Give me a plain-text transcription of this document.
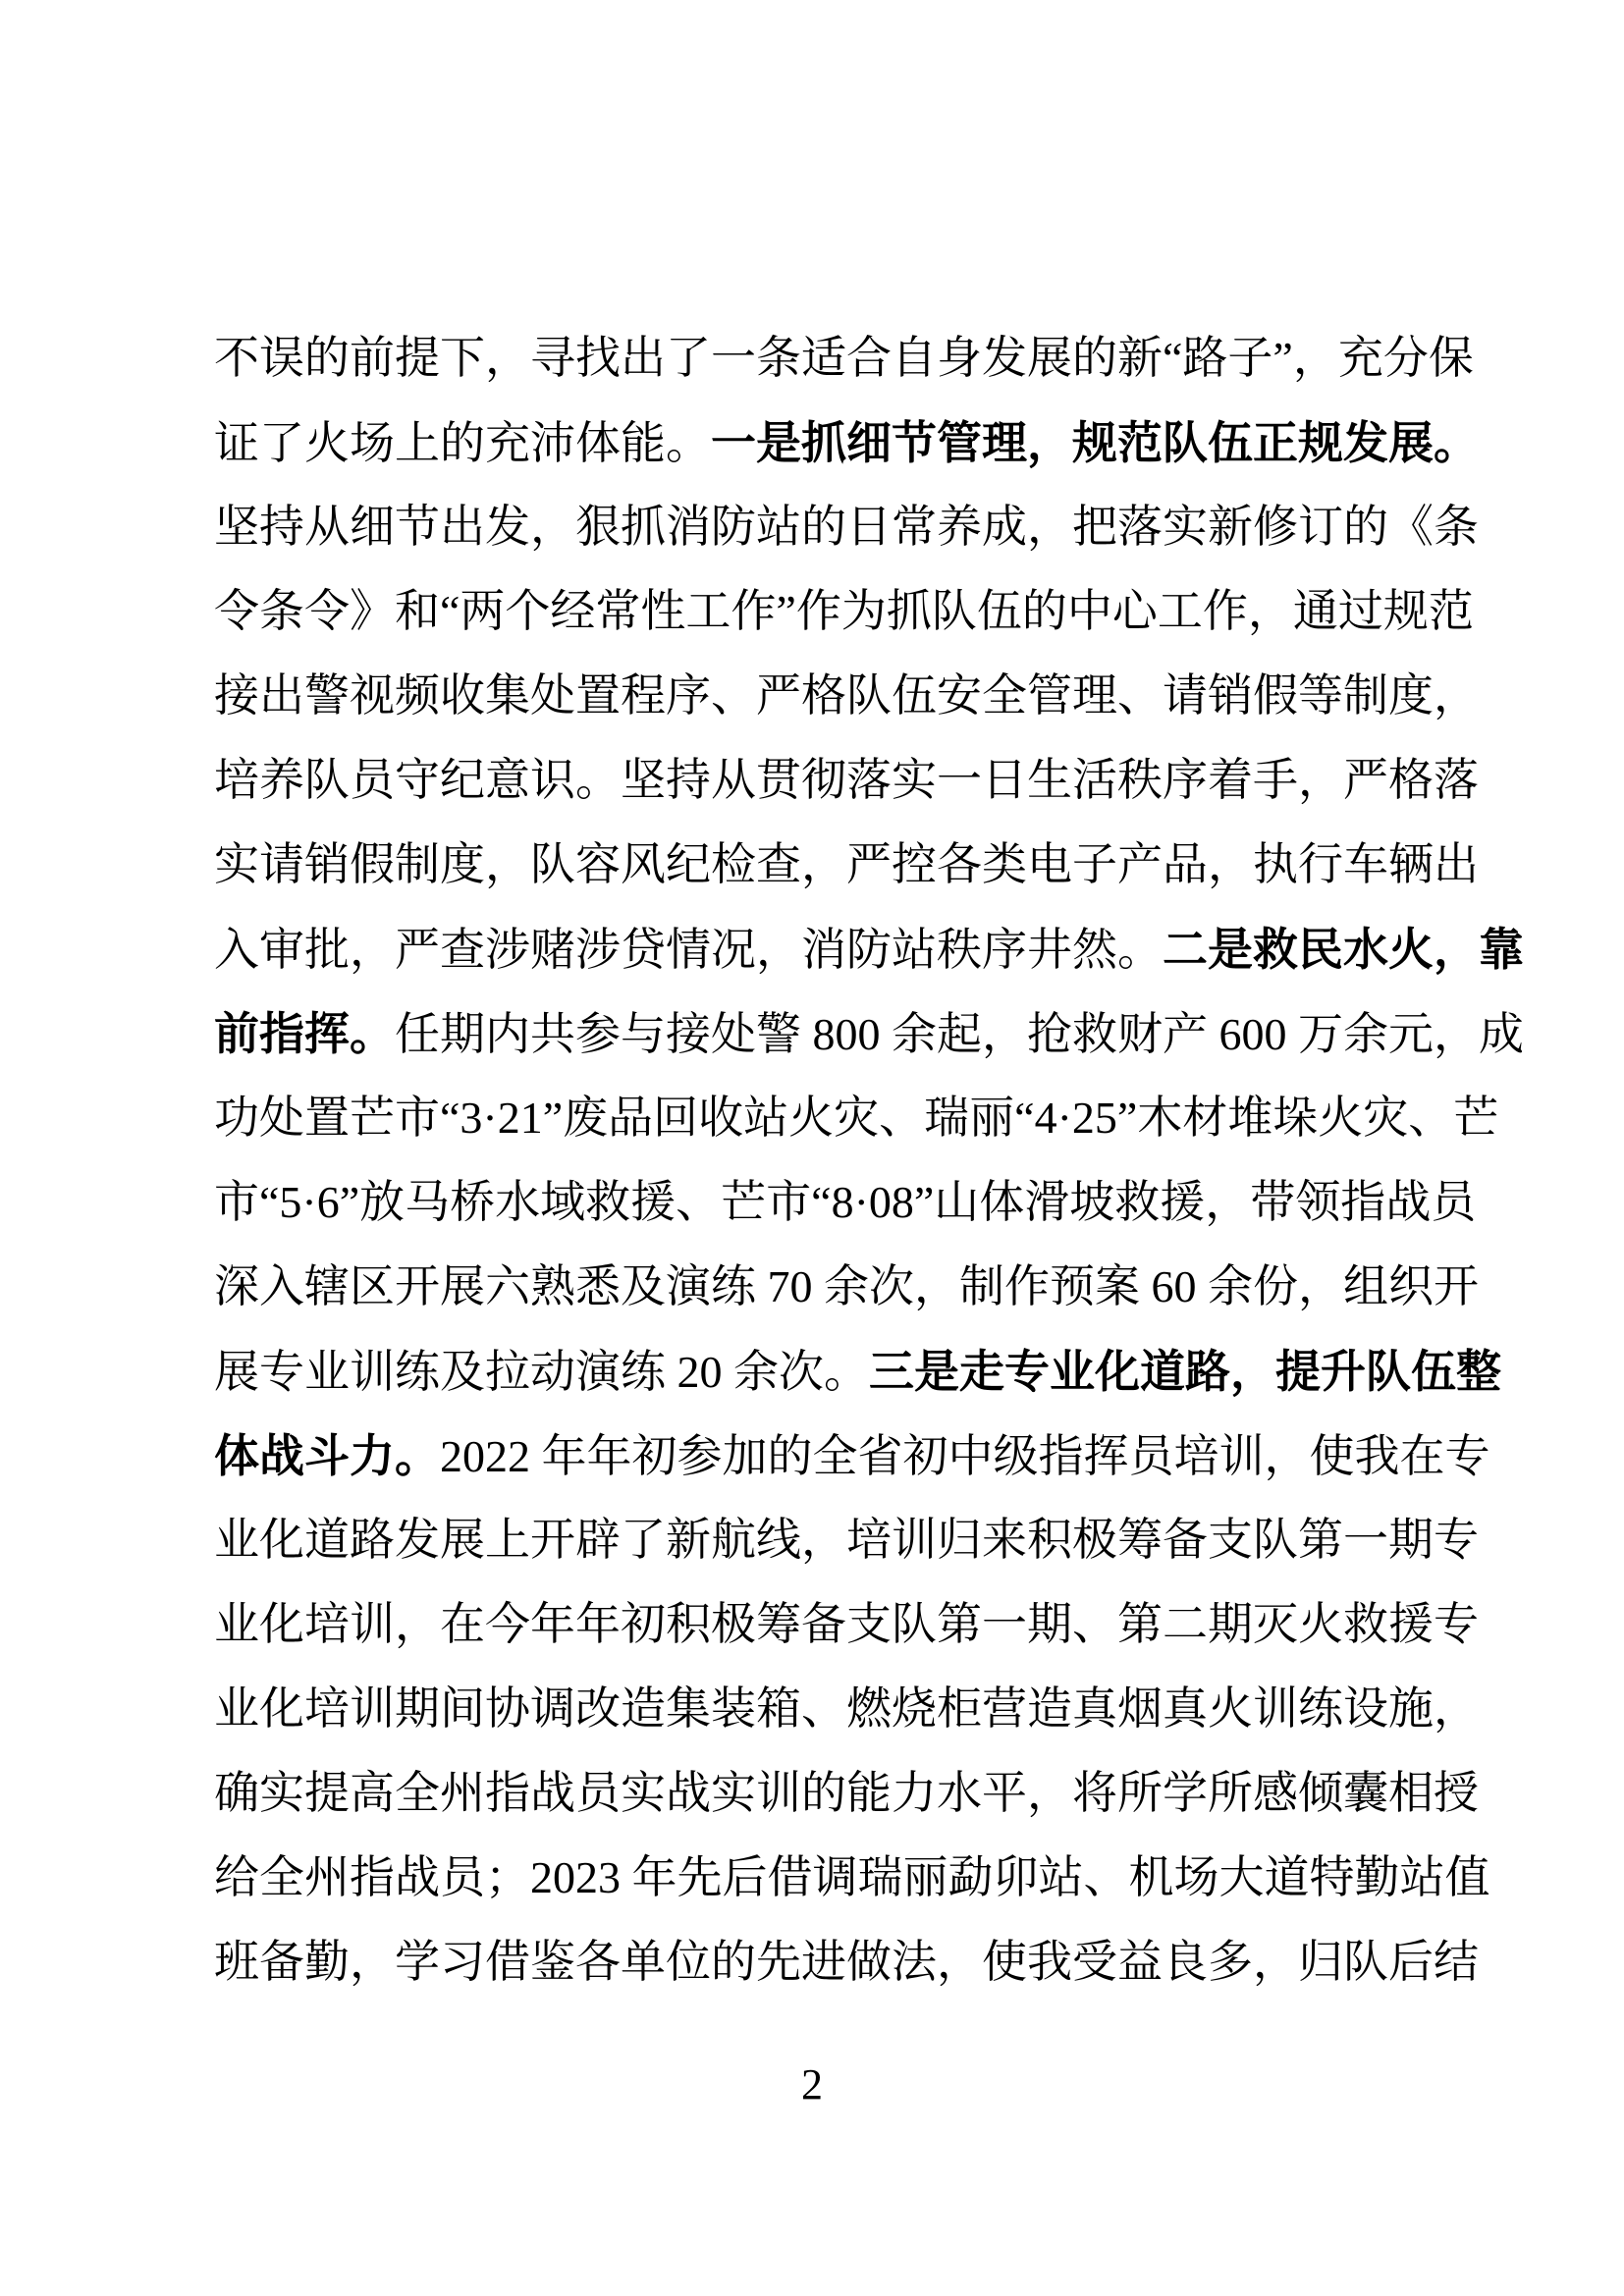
不误的前提下，寻找出了一条适合自身发展的新“路子”，充分保
证了火场上的充沛体能。一是抓细节管理，规范队伍正规发展。
坚持从细节出发，狠抓消防站的日常养成，把落实新修订的《条
令条令》和“两个经常性工作”作为抓队伍的中心工作，通过规范
接出警视频收集处置程序、严格队伍安全管理、请销假等制度，
培养队员守纪意识。坚持从贯彻落实一日生活秩序着手，严格落
实请销假制度，队容风纪检查，严控各类电子产品，执行车辆出
入审批，严查涉赌涉贷情况，消防站秩序井然。二是救民水火，靠
前指挥。任期内共参与接处警 800 余起，抢救财产 600 万余元，成
功处置芒市“3·21”废品回收站火灾、瑞丽“4·25”木材堆垛火灾、芒
市“5·6”放马桥水域救援、芒市“8·08”山体滑坡救援，带领指战员
深入辖区开展六熟悉及演练 70 余次，制作预案 60 余份，组织开
展专业训练及拉动演练 20 余次。三是走专业化道路，提升队伍整
体战斗力。2022 年年初参加的全省初中级指挥员培训，使我在专
业化道路发展上开辟了新航线，培训归来积极筹备支队第一期专
业化培训，在今年年初积极筹备支队第一期、第二期灭火救援专
业化培训期间协调改造集装箱、燃烧柜营造真烟真火训练设施，
确实提高全州指战员实战实训的能力水平，将所学所感倾囊相授
给全州指战员；2023 年先后借调瑞丽勐卯站、机场大道特勤站值
班备勤，学习借鉴各单位的先进做法，使我受益良多，归队后结
2
